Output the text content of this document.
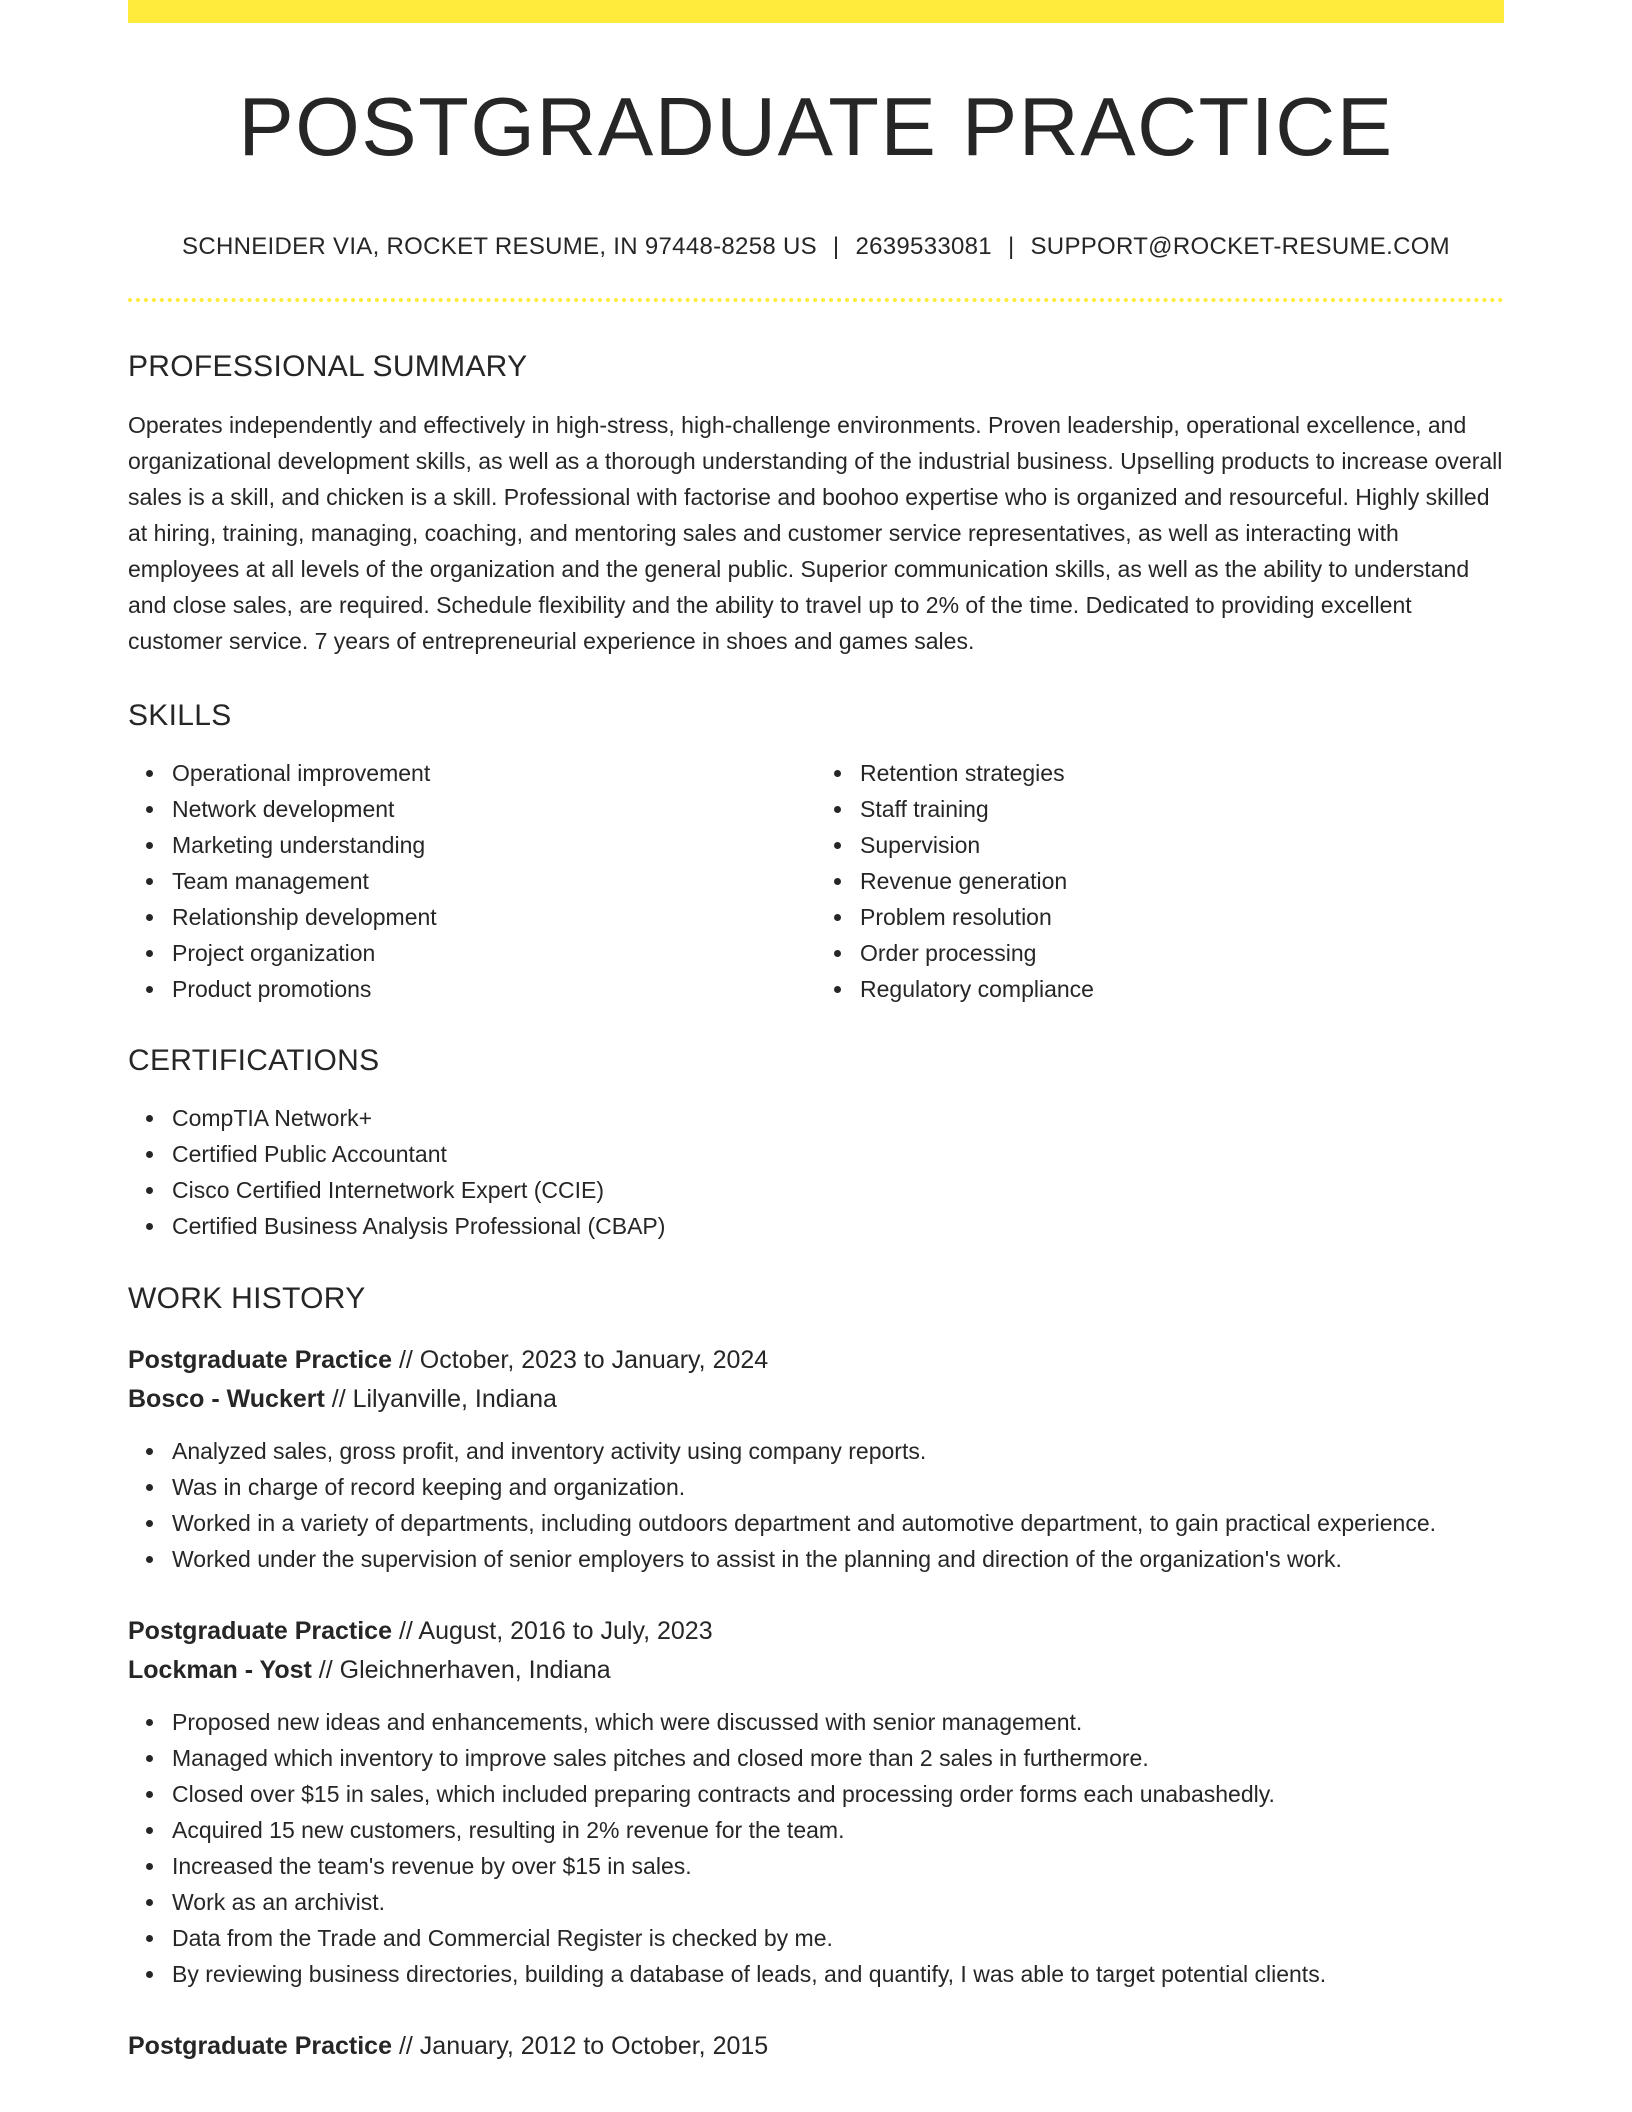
POSTGRADUATE PRACTICE
SCHNEIDER VIA, ROCKET RESUME, IN 97448-8258 US | 2639533081 | SUPPORT@ROCKET-RESUME.COM
PROFESSIONAL SUMMARY

Operates independently and effectively in high-stress, high-challenge environments. Proven leadership, operational excellence, and organizational development skills, as well as a thorough understanding of the industrial business. Upselling products to increase overall sales is a skill, and chicken is a skill. Professional with factorise and boohoo expertise who is organized and resourceful. Highly skilled at hiring, training, managing, coaching, and mentoring sales and customer service representatives, as well as interacting with employees at all levels of the organization and the general public. Superior communication skills, as well as the ability to understand and close sales, are required. Schedule flexibility and the ability to travel up to 2% of the time. Dedicated to providing excellent customer service. 7 years of entrepreneurial experience in shoes and games sales.

SKILLS
Operational improvement
Network development
Marketing understanding
Team management
Relationship development
Project organization
Product promotions
Retention strategies
Staff training
Supervision
Revenue generation
Problem resolution
Order processing
Regulatory compliance
CERTIFICATIONS
CompTIA Network+
Certified Public Accountant
Cisco Certified Internetwork Expert (CCIE)
Certified Business Analysis Professional (CBAP)
WORK HISTORY
Postgraduate Practice // October, 2023 to January, 2024
Bosco - Wuckert // Lilyanville, Indiana
Analyzed sales, gross profit, and inventory activity using company reports.
Was in charge of record keeping and organization.
Worked in a variety of departments, including outdoors department and automotive department, to gain practical experience.
Worked under the supervision of senior employers to assist in the planning and direction of the organization's work.
Postgraduate Practice // August, 2016 to July, 2023
Lockman - Yost // Gleichnerhaven, Indiana
Proposed new ideas and enhancements, which were discussed with senior management.
Managed which inventory to improve sales pitches and closed more than 2 sales in furthermore.
Closed over $15 in sales, which included preparing contracts and processing order forms each unabashedly.
Acquired 15 new customers, resulting in 2% revenue for the team.
Increased the team's revenue by over $15 in sales.
Work as an archivist.
Data from the Trade and Commercial Register is checked by me.
By reviewing business directories, building a database of leads, and quantify, I was able to target potential clients.
Postgraduate Practice // January, 2012 to October, 2015
